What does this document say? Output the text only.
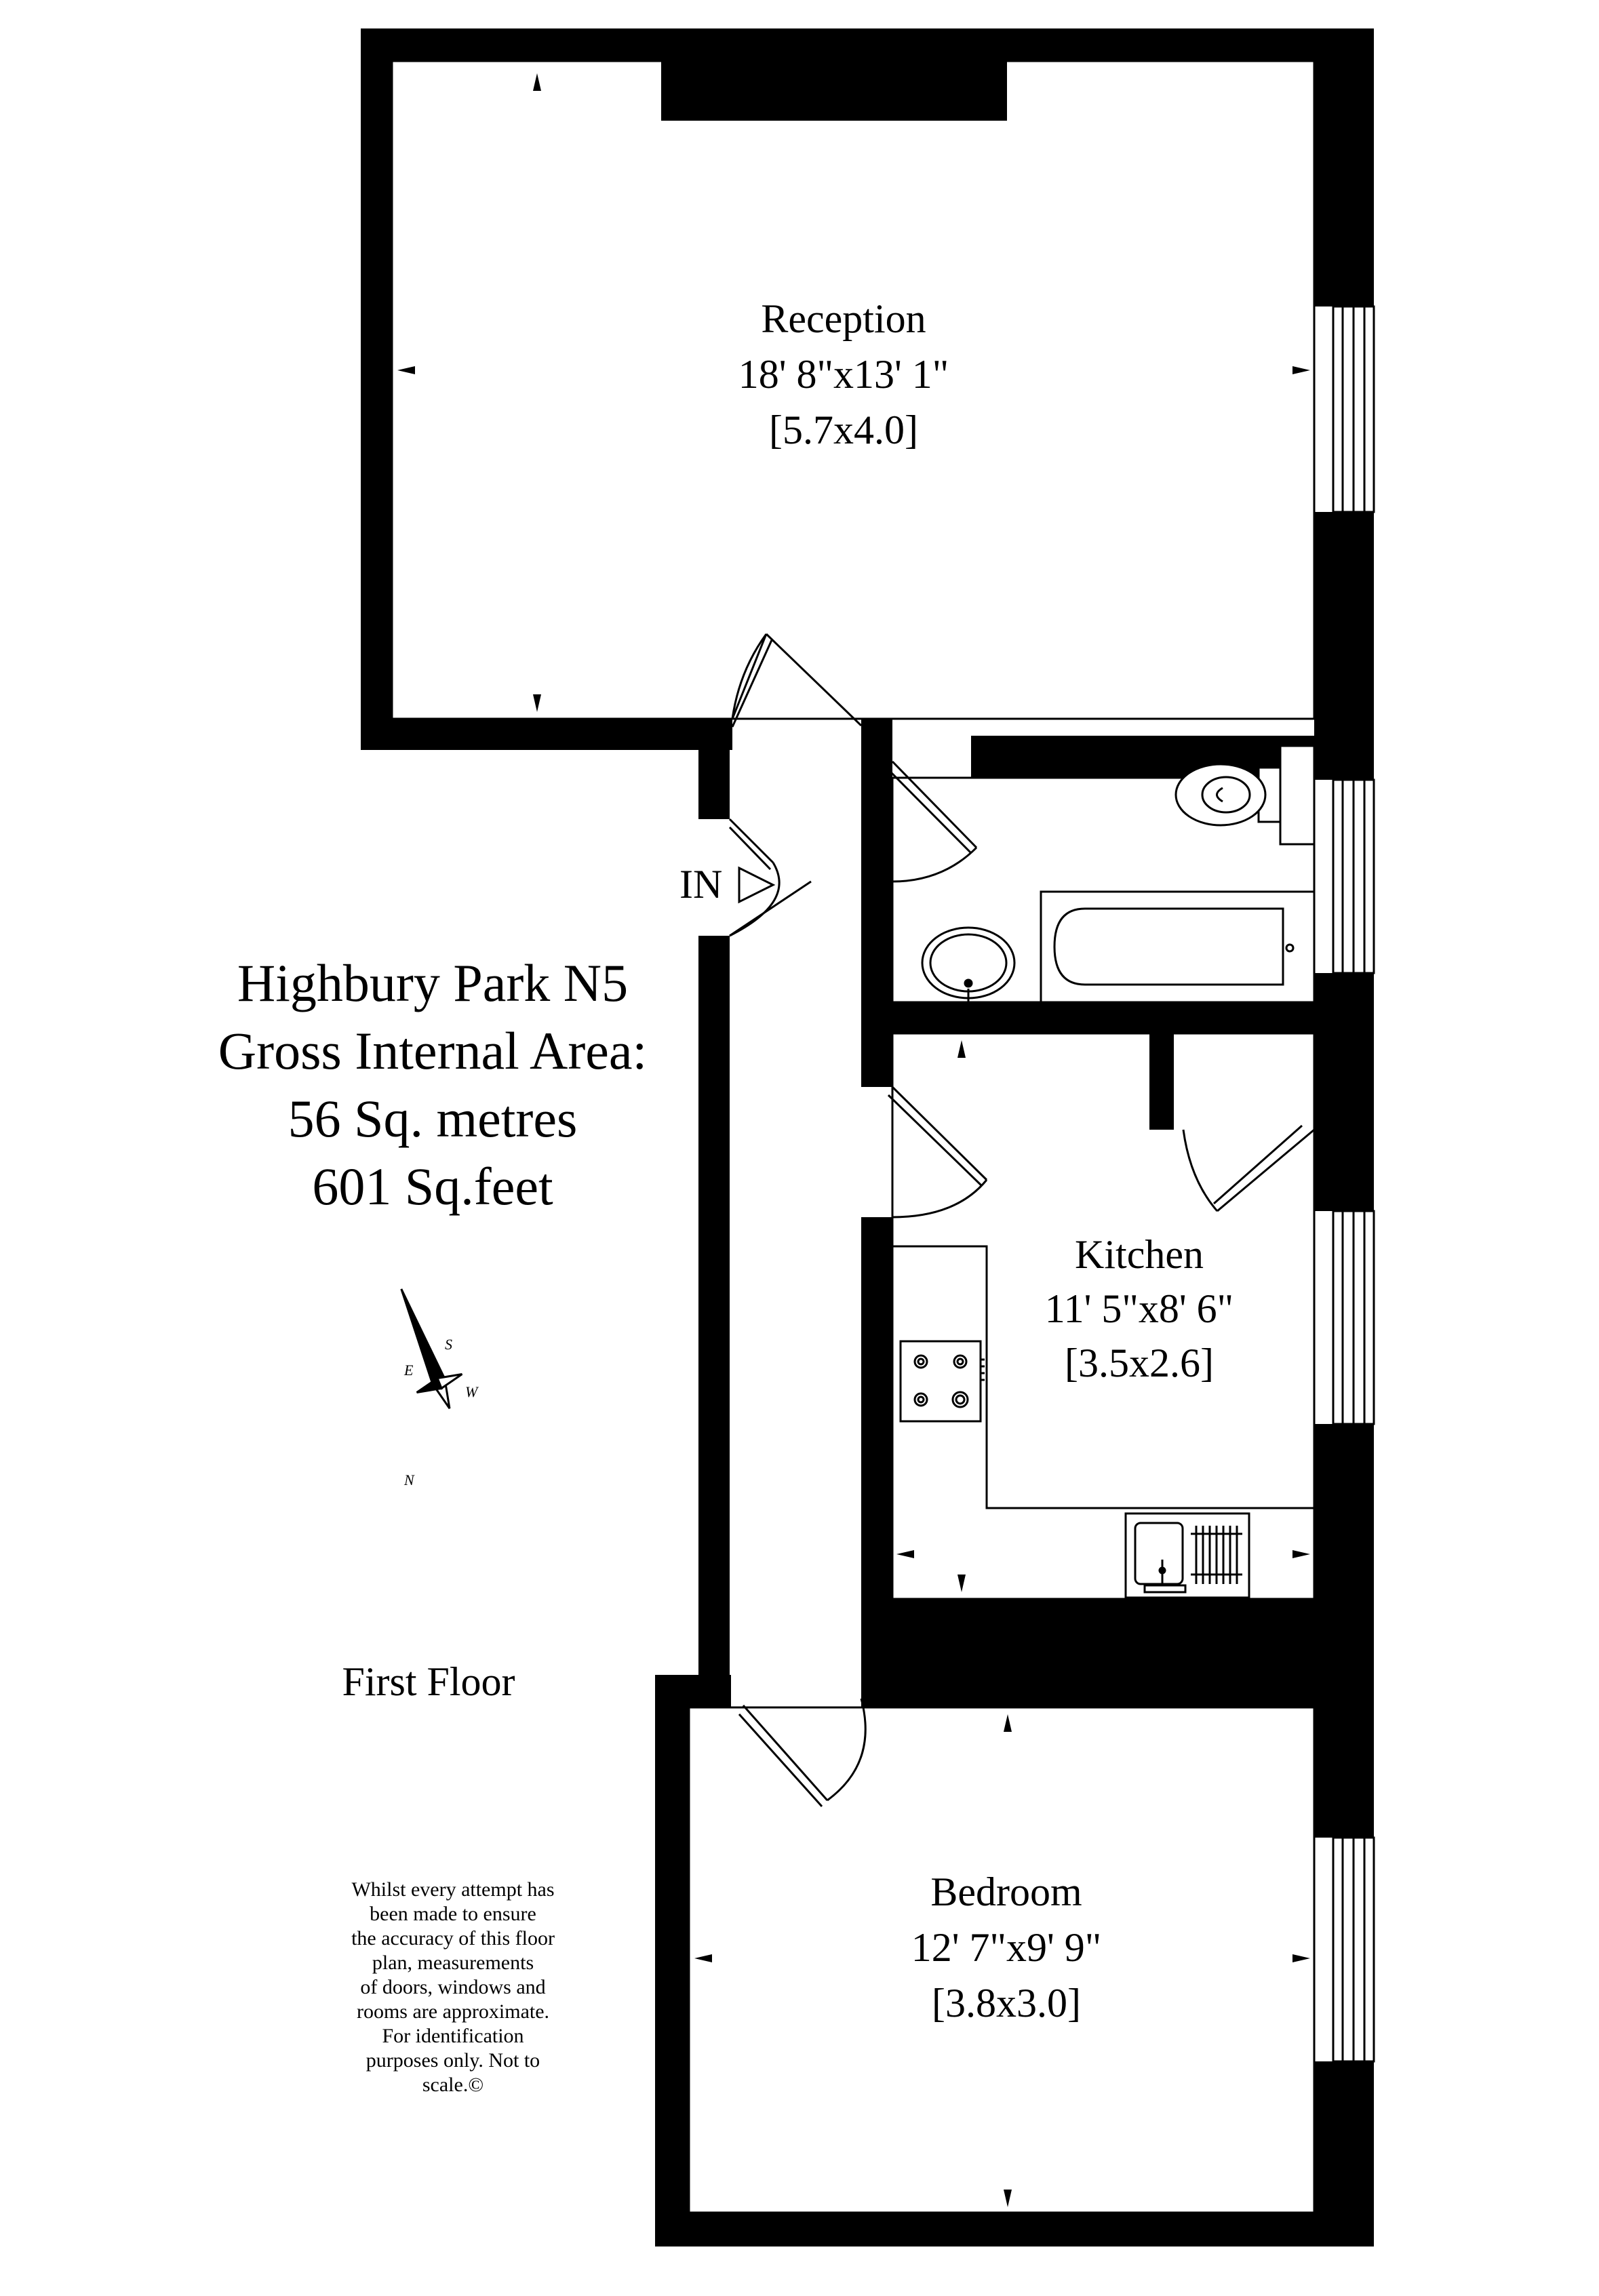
IN
Reception
18' 8"x13' 1"
[5.7x4.0]
Kitchen
11' 5"x8' 6"
[3.5x2.6]
Bedroom
12' 7"x9' 9"
[3.8x3.0]
Highbury Park N5
Gross Internal Area:
56 Sq. metres
601 Sq.feet
N
S
E
W
First Floor
Whilst every attempt has
been made to ensure
the accuracy of this floor
plan, measurements
of doors, windows and
rooms are approximate.
For identification
purposes only. Not to
scale.©
